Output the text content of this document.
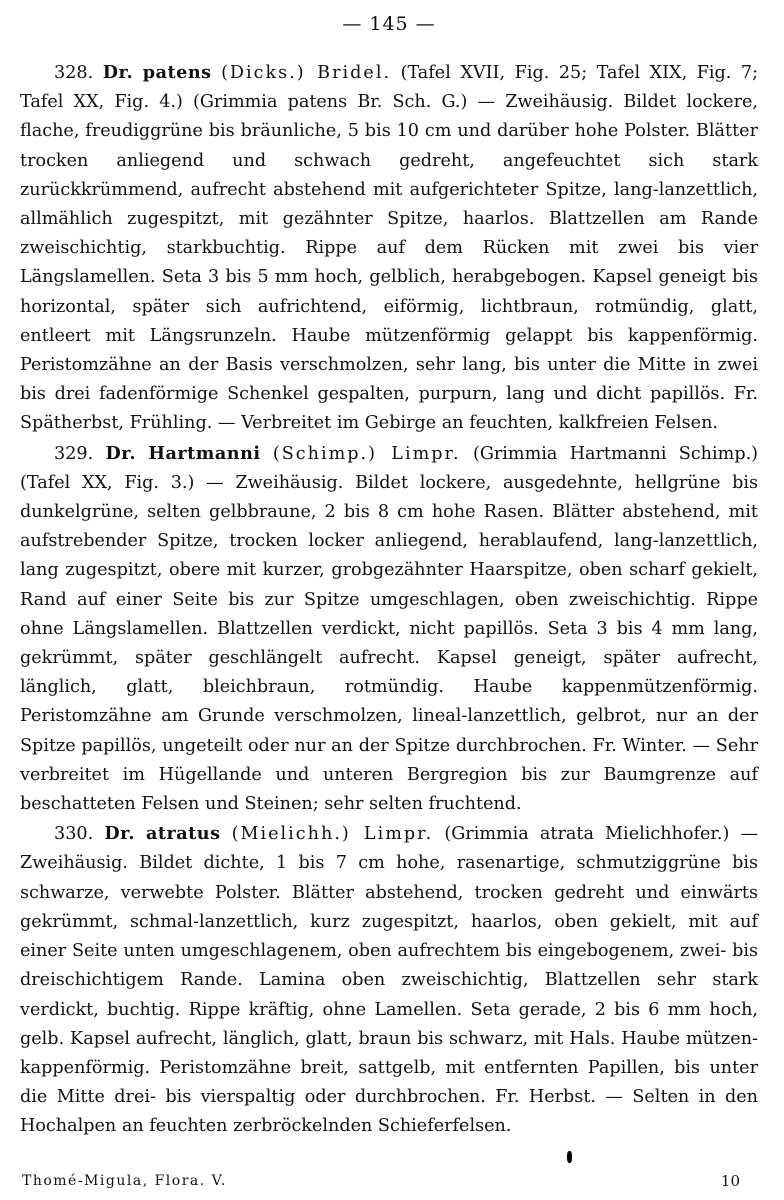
— 145 —

328. Dr. patens (Dicks.) Bridel. (Tafel XVII, Fig. 25; Tafel XIX, Fig. 7; Tafel XX, Fig. 4.) (Grimmia patens Br. Sch. G.) — Zweihäusig. Bildet lockere, flache, freudiggrüne bis bräunliche, 5 bis 10 cm und darüber hohe Polster. Blätter trocken anliegend und schwach gedreht, angefeuchtet sich stark zurückkrümmend, aufrecht abstehend mit aufgerichteter Spitze, lang-lanzettlich, allmählich zugespitzt, mit gezähnter Spitze, haarlos. Blattzellen am Rande zweischichtig, starkbuchtig. Rippe auf dem Rücken mit zwei bis vier Längslamellen. Seta 3 bis 5 mm hoch, gelblich, herabgebogen. Kapsel geneigt bis horizontal, später sich aufrichtend, eiförmig, lichtbraun, rotmündig, glatt, entleert mit Längsrunzeln. Haube mützenförmig gelappt bis kappenförmig. Peristomzähne an der Basis verschmolzen, sehr lang, bis unter die Mitte in zwei bis drei fadenförmige Schenkel gespalten, purpurn, lang und dicht papillös. Fr. Spätherbst, Frühling. — Verbreitet im Gebirge an feuchten, kalkfreien Felsen.

329. Dr. Hartmanni (Schimp.) Limpr. (Grimmia Hartmanni Schimp.) (Tafel XX, Fig. 3.) — Zweihäusig. Bildet lockere, ausgedehnte, hellgrüne bis dunkelgrüne, selten gelbbraune, 2 bis 8 cm hohe Rasen. Blätter abstehend, mit aufstrebender Spitze, trocken locker anliegend, herablaufend, lang-lanzettlich, lang zugespitzt, obere mit kurzer, grobgezähnter Haarspitze, oben scharf gekielt, Rand auf einer Seite bis zur Spitze umgeschlagen, oben zweischichtig. Rippe ohne Längslamellen. Blattzellen verdickt, nicht papillös. Seta 3 bis 4 mm lang, gekrümmt, später geschlängelt aufrecht. Kapsel geneigt, später aufrecht, länglich, glatt, bleichbraun, rotmündig. Haube kappenmützenförmig. Peristomzähne am Grunde verschmolzen, lineal-lanzettlich, gelbrot, nur an der Spitze papillös, ungeteilt oder nur an der Spitze durchbrochen. Fr. Winter. — Sehr verbreitet im Hügellande und unteren Bergregion bis zur Baumgrenze auf beschatteten Felsen und Steinen; sehr selten fruchtend.

330. Dr. atratus (Mielichh.) Limpr. (Grimmia atrata Mielichhofer.) — Zweihäusig. Bildet dichte, 1 bis 7 cm hohe, rasenartige, schmutziggrüne bis schwarze, verwebte Polster. Blätter abstehend, trocken gedreht und einwärts gekrümmt, schmal-lanzettlich, kurz zugespitzt, haarlos, oben gekielt, mit auf einer Seite unten umgeschlagenem, oben aufrechtem bis eingebogenem, zwei- bis dreischichtigem Rande. Lamina oben zweischichtig, Blattzellen sehr stark verdickt, buchtig. Rippe kräftig, ohne Lamellen. Seta gerade, 2 bis 6 mm hoch, gelb. Kapsel aufrecht, länglich, glatt, braun bis schwarz, mit Hals. Haube mützen-kappenförmig. Peristomzähne breit, sattgelb, mit entfernten Papillen, bis unter die Mitte drei- bis vierspaltig oder durchbrochen. Fr. Herbst. — Selten in den Hochalpen an feuchten zerbröckelnden Schieferfelsen.

Thomé-Migula, Flora. V.	10
